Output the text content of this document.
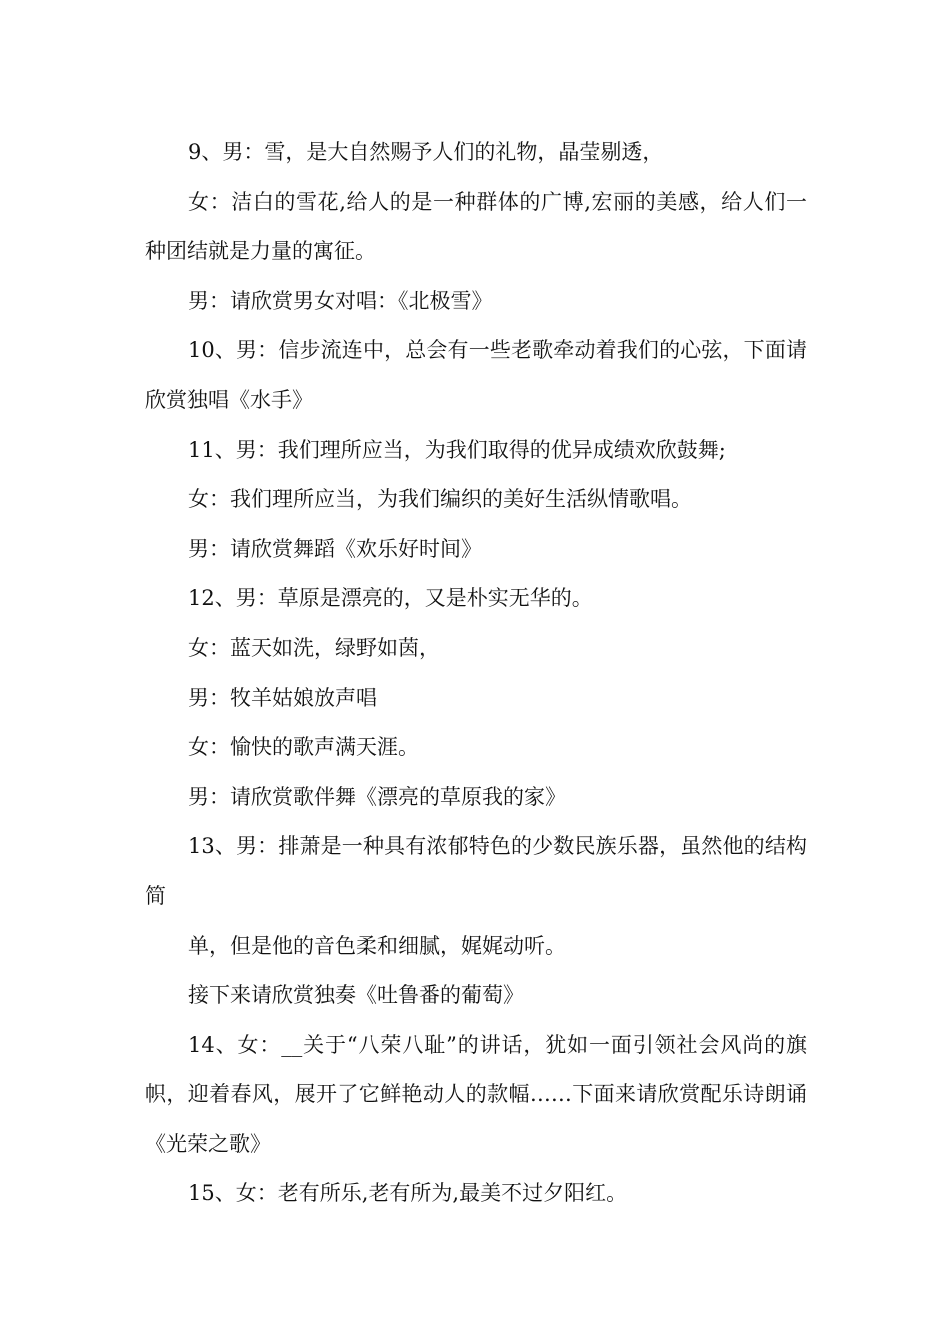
9、男：雪，是大自然赐予人们的礼物，晶莹剔透，

女：洁白的雪花,给人的是一种群体的广博,宏丽的美感，给人们一种团结就是力量的寓征。

男：请欣赏男女对唱：《北极雪》

10、男：信步流连中，总会有一些老歌牵动着我们的心弦，下面请欣赏独唱《水手》

11、男：我们理所应当，为我们取得的优异成绩欢欣鼓舞;

女：我们理所应当，为我们编织的美好生活纵情歌唱。

男：请欣赏舞蹈《欢乐好时间》

12、男：草原是漂亮的，又是朴实无华的。

女：蓝天如洗，绿野如茵，

男：牧羊姑娘放声唱

女：愉快的歌声满天涯。

男：请欣赏歌伴舞《漂亮的草原我的家》

13、男：排萧是一种具有浓郁特色的少数民族乐器，虽然他的结构简

单，但是他的音色柔和细腻，娓娓动听。

接下来请欣赏独奏《吐鲁番的葡萄》

14、女：__关于“八荣八耻”的讲话，犹如一面引领社会风尚的旗帜，迎着春风，展开了它鲜艳动人的款幅……下面来请欣赏配乐诗朗诵《光荣之歌》

15、女：老有所乐,老有所为,最美不过夕阳红。
